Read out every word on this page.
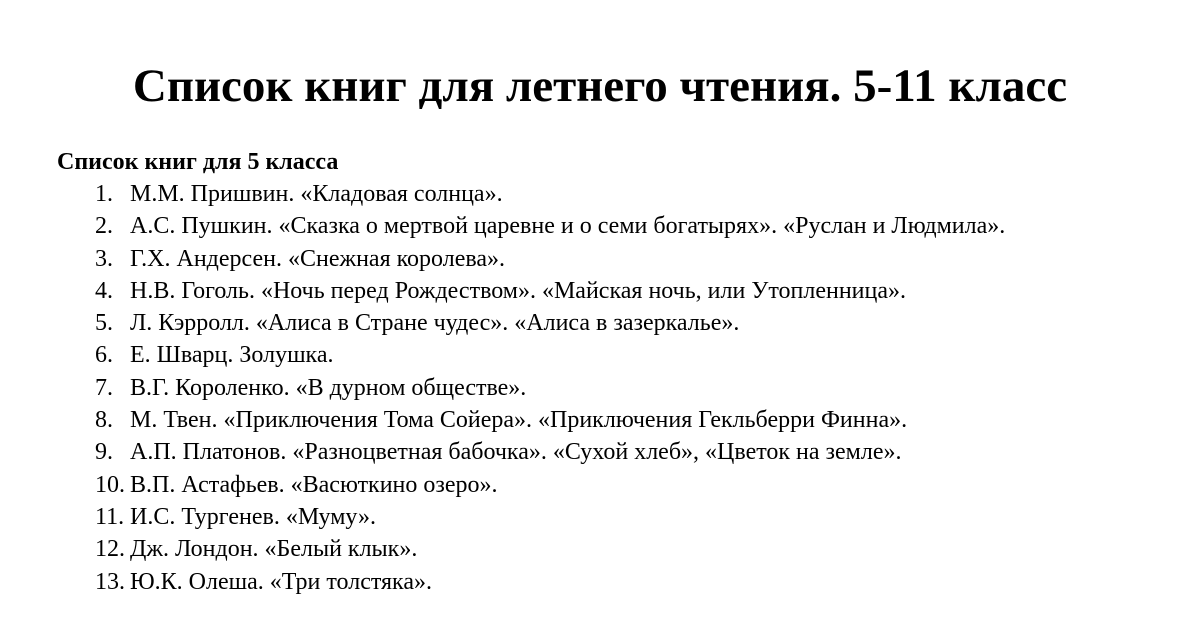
Список книг для летнего чтения. 5-11 класс
Список книг для 5 класса
1. М.М. Пришвин. «Кладовая солнца».
2. А.С. Пушкин. «Сказка о мертвой царевне и о семи богатырях». «Руслан и Людмила».
3. Г.Х. Андерсен. «Снежная королева».
4. Н.В. Гоголь. «Ночь перед Рождеством». «Майская ночь, или Утопленница».
5. Л. Кэрролл. «Алиса в Стране чудес». «Алиса в зазеркалье».
6. Е. Шварц. Золушка.
7. В.Г. Короленко. «В дурном обществе».
8. М. Твен. «Приключения Тома Сойера». «Приключения Гекльберри Финна».
9. А.П. Платонов. «Разноцветная бабочка». «Сухой хлеб», «Цветок на земле».
10. В.П. Астафьев. «Васюткино озеро».
11. И.С. Тургенев. «Муму».
12. Дж. Лондон. «Белый клык».
13. Ю.К. Олеша. «Три толстяка».
